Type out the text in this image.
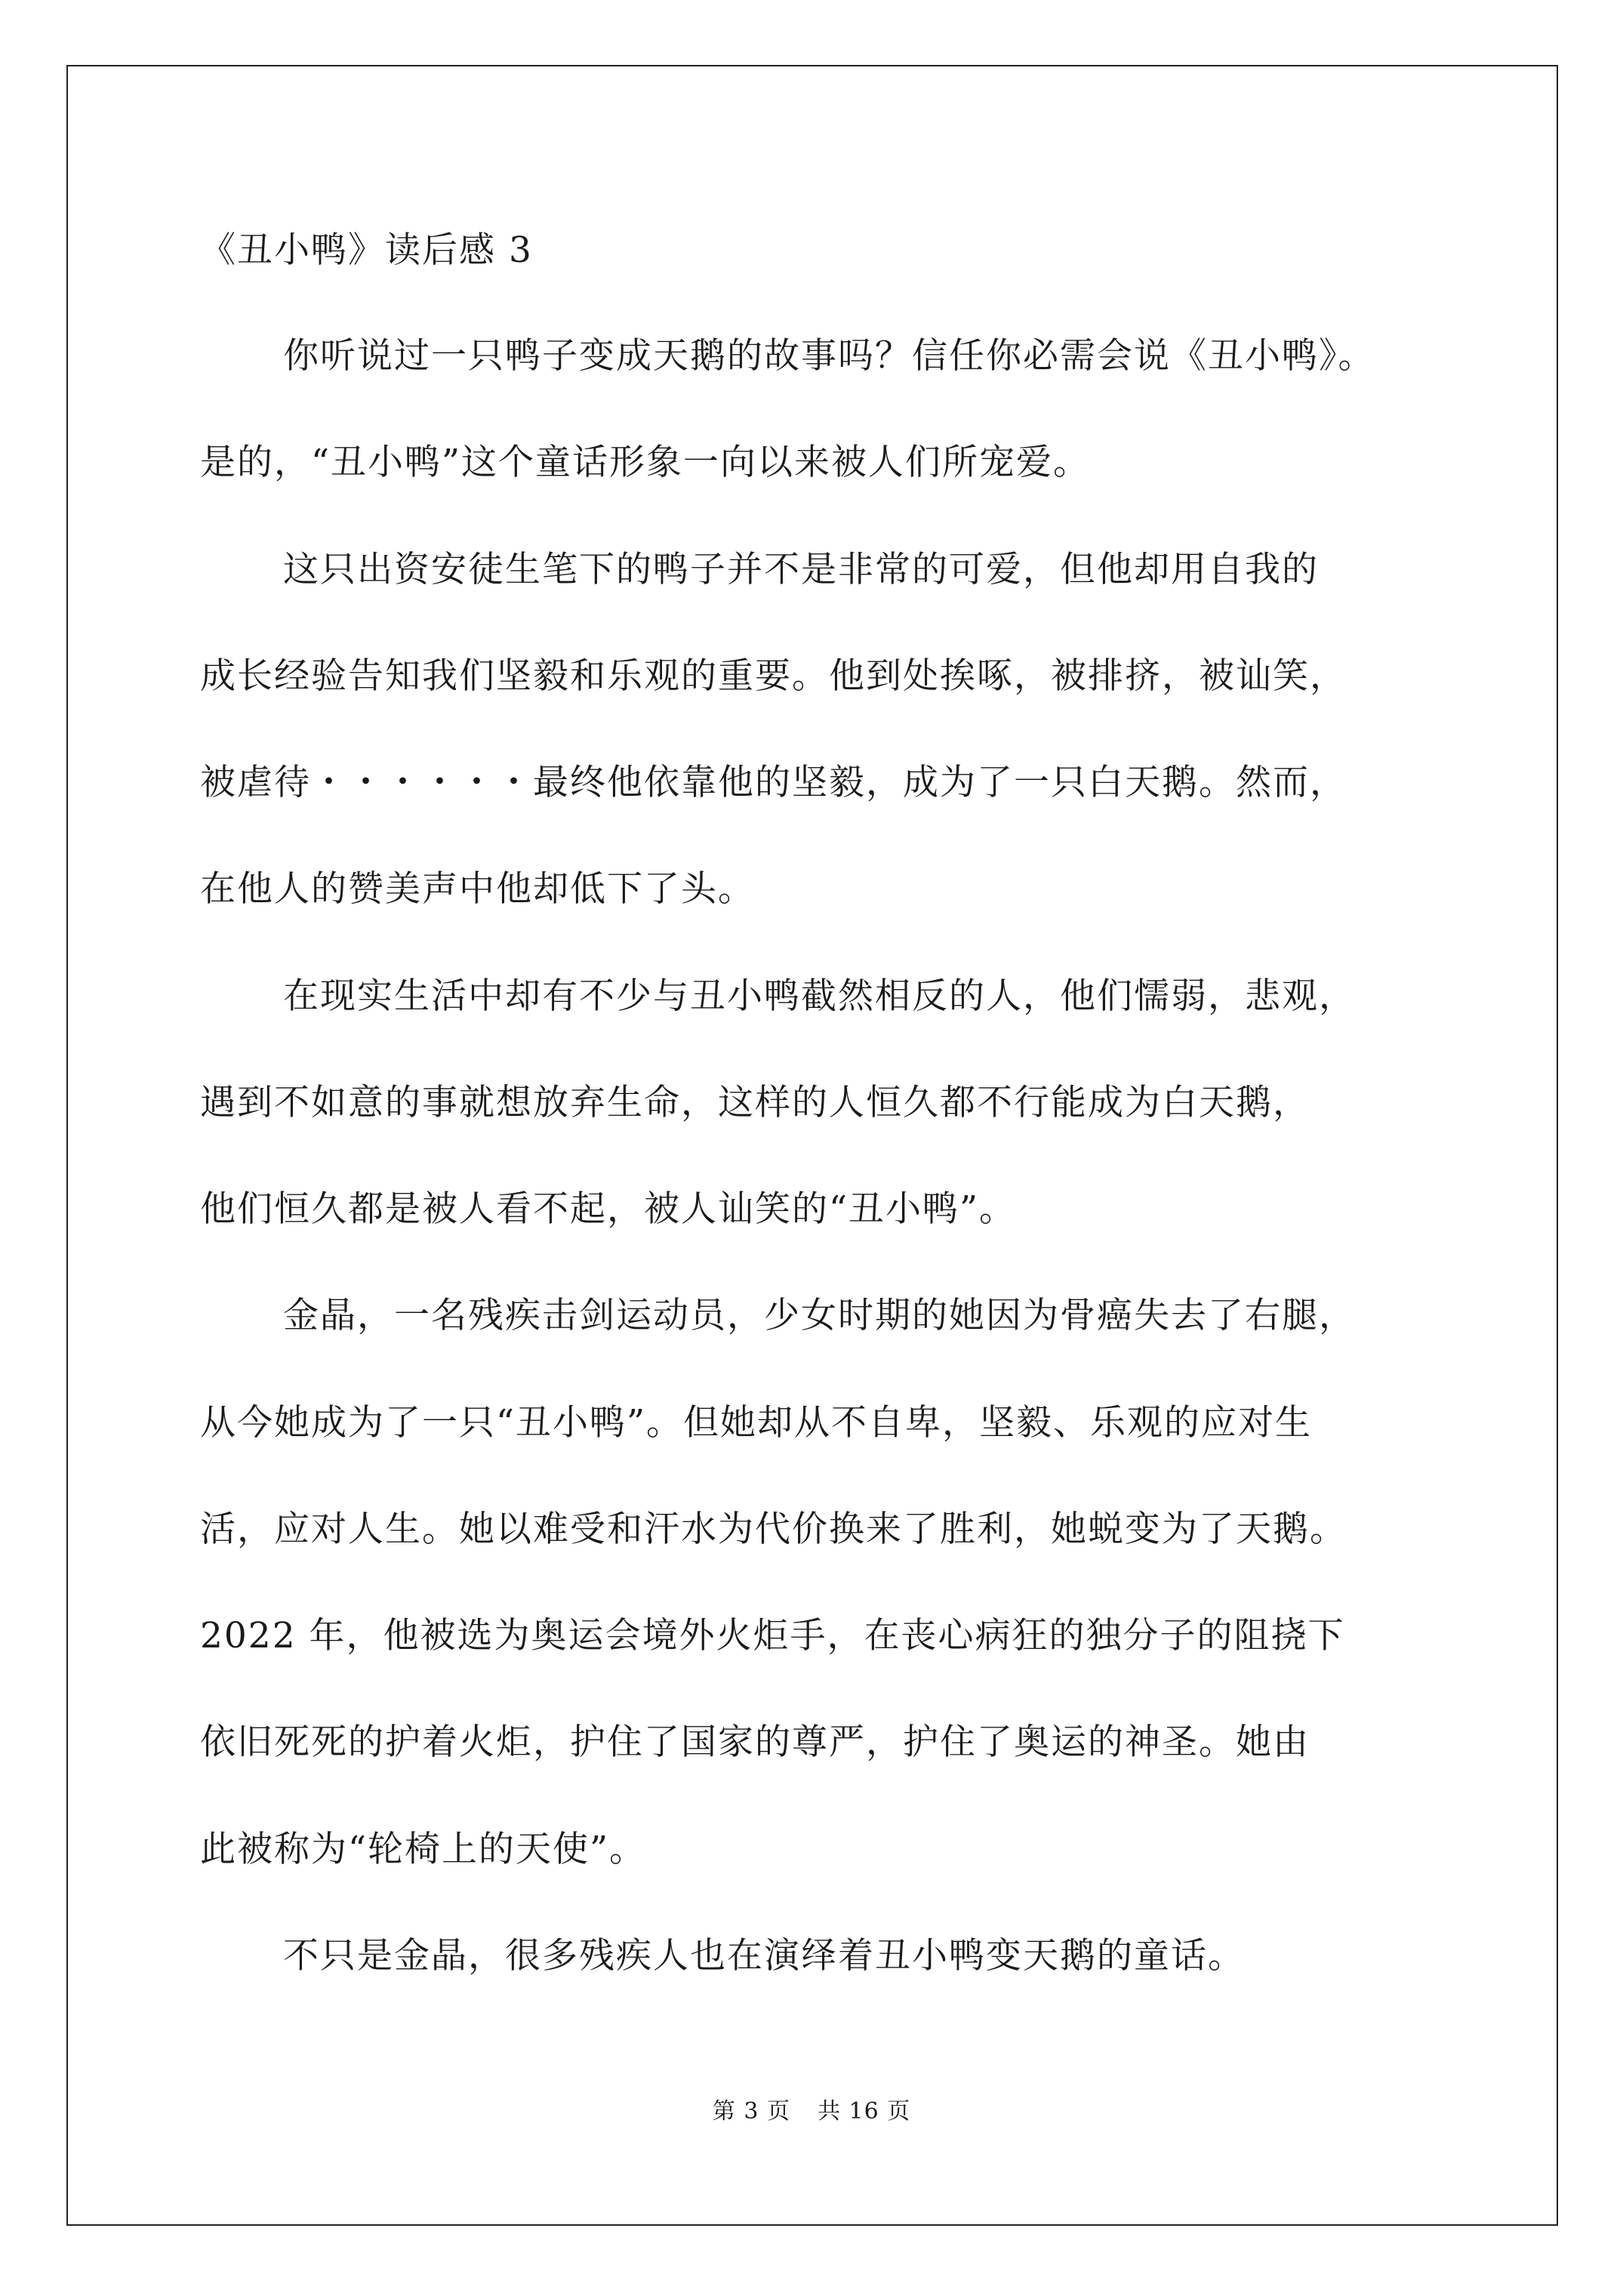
《丑小鸭》读后感 3
你听说过一只鸭子变成天鹅的故事吗？信任你必需会说《丑小鸭》。
是的，“丑小鸭”这个童话形象一向以来被人们所宠爱。
这只出资安徒生笔下的鸭子并不是非常的可爱，但他却用自我的
成长经验告知我们坚毅和乐观的重要。他到处挨啄，被排挤，被讪笑，
被虐待・・・・・・最终他依靠他的坚毅，成为了一只白天鹅。然而，
在他人的赞美声中他却低下了头。
在现实生活中却有不少与丑小鸭截然相反的人，他们懦弱，悲观，
遇到不如意的事就想放弃生命，这样的人恒久都不行能成为白天鹅，
他们恒久都是被人看不起，被人讪笑的“丑小鸭”。
金晶，一名残疾击剑运动员，少女时期的她因为骨癌失去了右腿，
从今她成为了一只“丑小鸭”。但她却从不自卑，坚毅、乐观的应对生
活，应对人生。她以难受和汗水为代价换来了胜利，她蜕变为了天鹅。
2022 年，他被选为奥运会境外火炬手，在丧心病狂的独分子的阻挠下
依旧死死的护着火炬，护住了国家的尊严，护住了奥运的神圣。她由
此被称为“轮椅上的天使”。
不只是金晶，很多残疾人也在演绎着丑小鸭变天鹅的童话。
第 3 页 共 16 页
